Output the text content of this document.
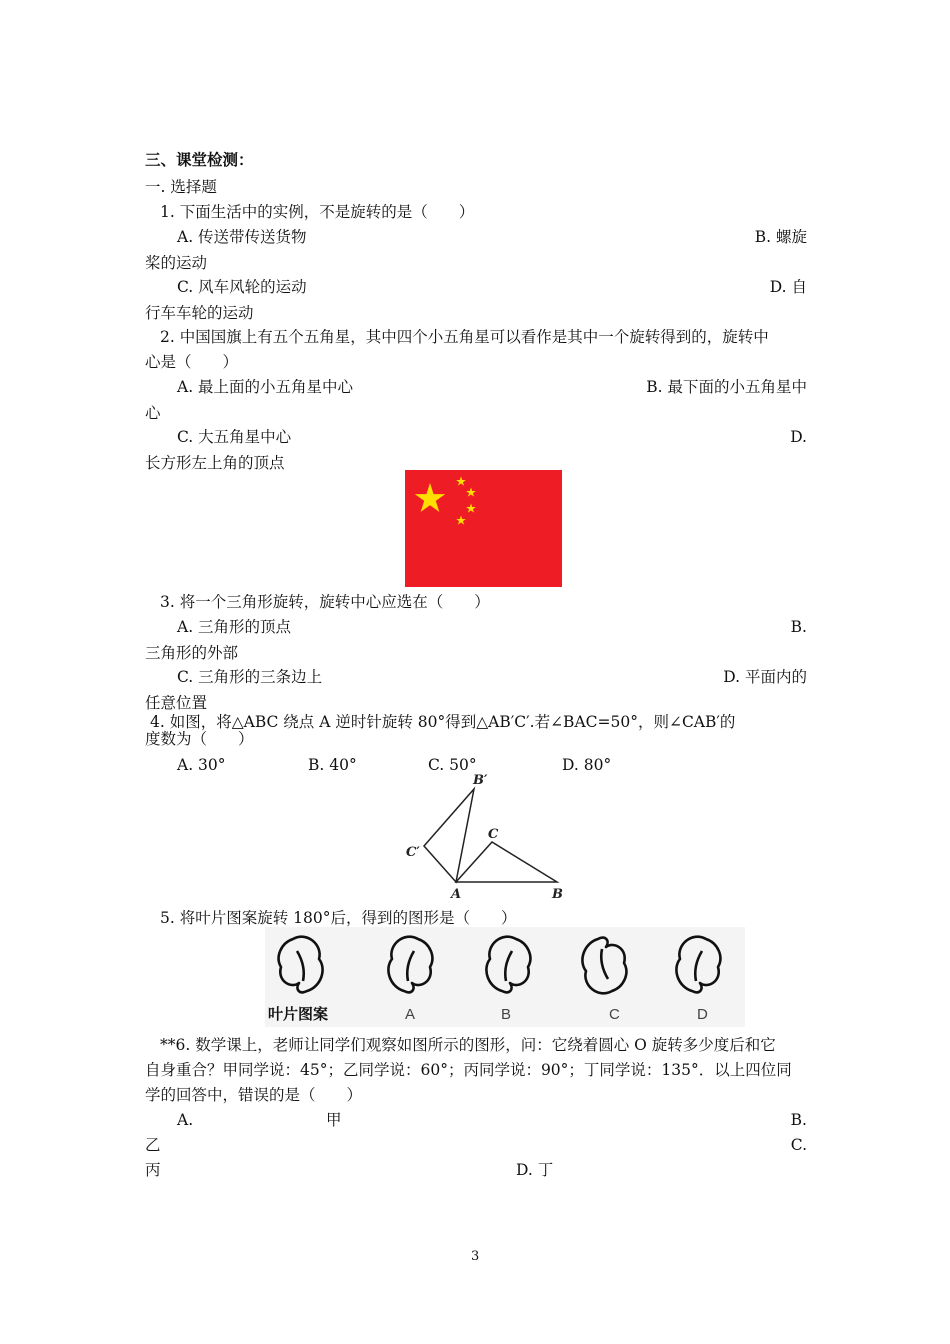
三、课堂检测：
一. 选择题
1. 下面生活中的实例，不是旋转的是（　　）
A. 传送带传送货物	B. 螺旋
桨的运动
C. 风车风轮的运动	D. 自
行车车轮的运动
2. 中国国旗上有五个五角星，其中四个小五角星可以看作是其中一个旋转得到的，旋转中
心是（　　）
A. 最上面的小五角星中心	B. 最下面的小五角星中
心
C. 大五角星中心	D.
长方形左上角的顶点
3. 将一个三角形旋转，旋转中心应选在（　　）
A. 三角形的顶点	B.
三角形的外部
C. 三角形的三条边上	D. 平面内的
任意位置
4. 如图，将△ABC 绕点 A 逆时针旋转 80°得到△AB′C′.若∠BAC=50°，则∠CAB′的
度数为（　　）
A. 30°	B. 40°	C. 50°	D. 80°
B′
C
C′
A	B
5. 将叶片图案旋转 180°后，得到的图形是（　　）
叶片图案	A	B	C	D
**6. 数学课上，老师让同学们观察如图所示的图形，问：它绕着圆心 O 旋转多少度后和它
自身重合？甲同学说：45°；乙同学说：60°；丙同学说：90°；丁同学说：135°．以上四位同
学的回答中，错误的是（　　）
A.	甲	B.
乙	C.
丙	D. 丁
3
